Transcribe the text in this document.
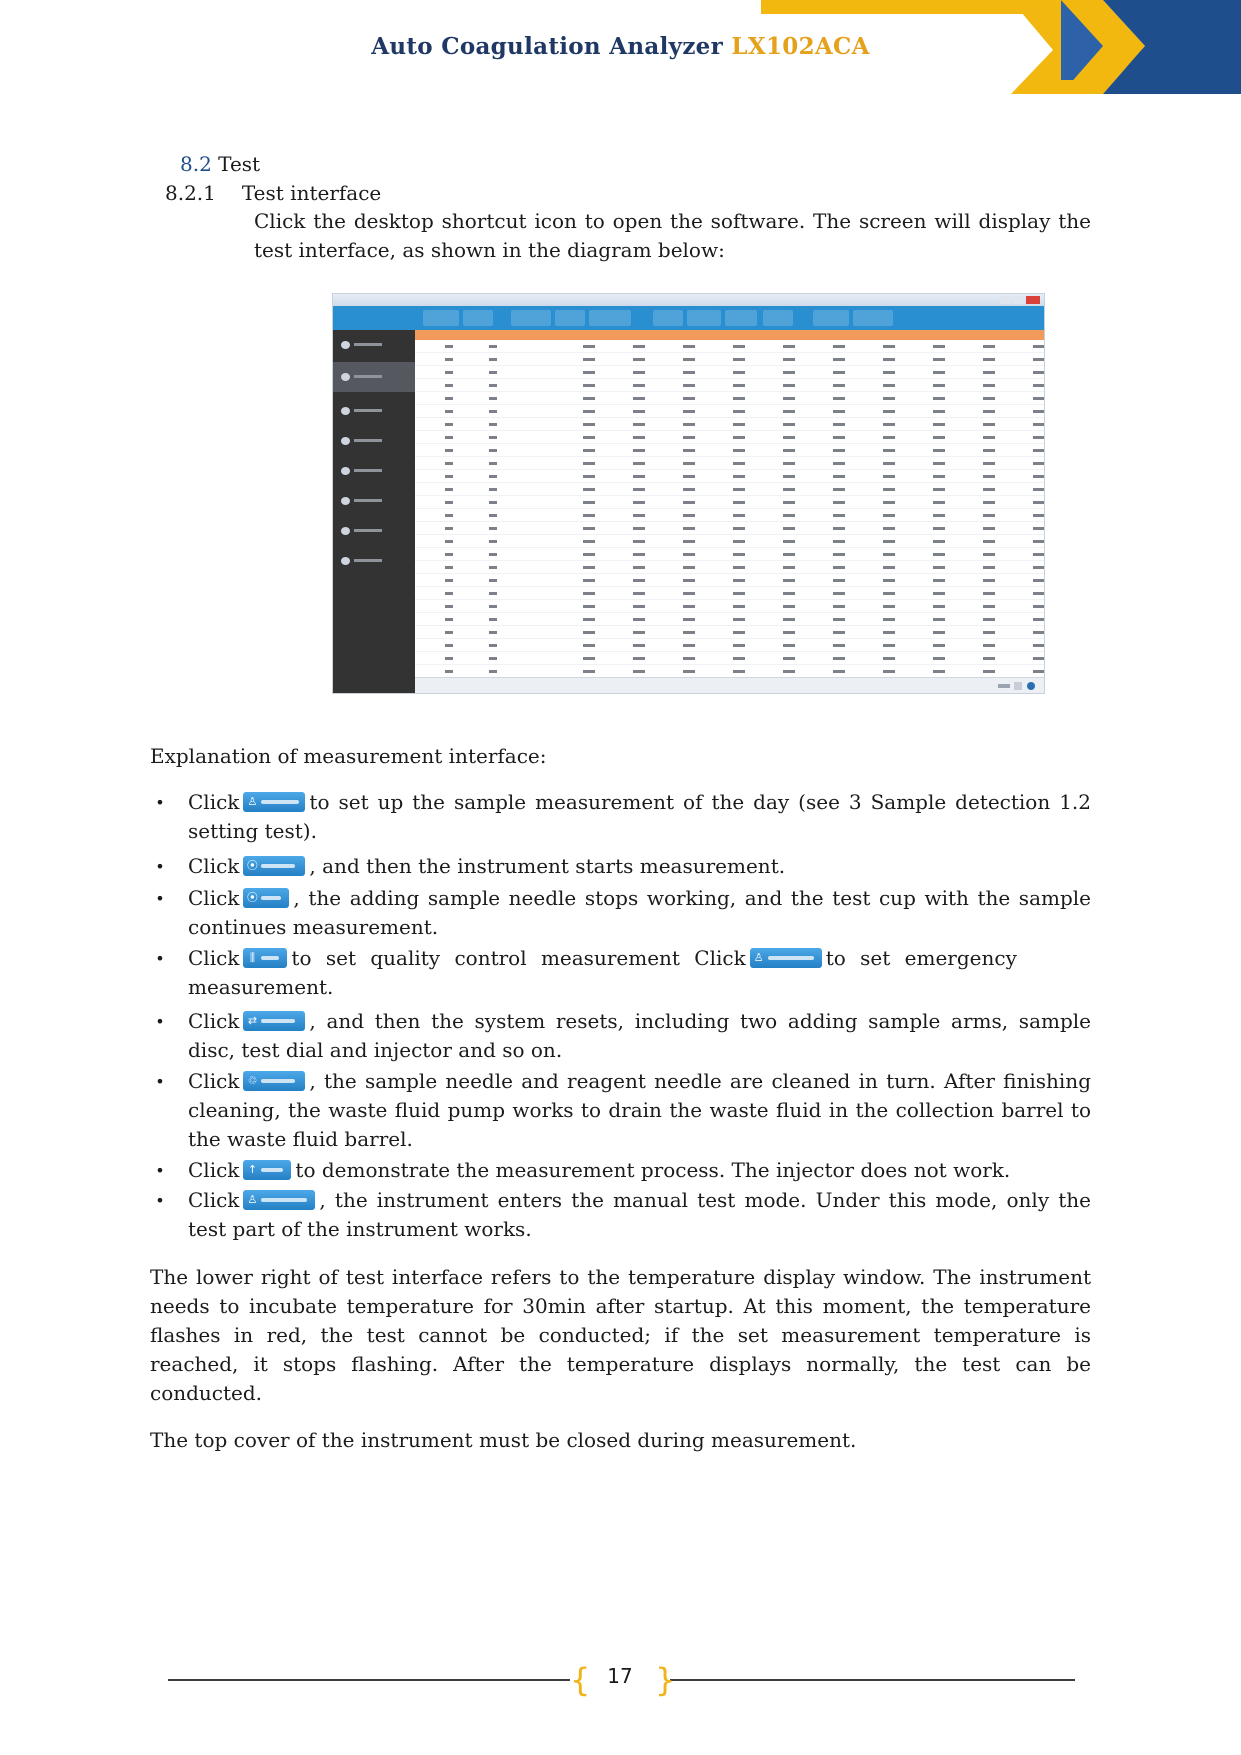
Auto Coagulation Analyzer LX102ACA
8.2 Test
8.2.1 Test interface
Click the desktop shortcut icon to open the software. The screen will display the test interface, as shown in the diagram below:
Explanation of measurement interface:
• Click ♙	to set up the sample measurement of the day (see 3 Sample detection 1.2 setting test).
• Click ⦿	, and then the instrument starts measurement.
• Click ⦿ , the adding sample needle stops working, and the test cup with the sample continues measurement.
• Click ⫼ to set quality control measurement Click ♙	to set emergency measurement.
• Click ⇄	, and then the system resets, including two adding sample arms, sample disc, test dial and injector and so on.
• Click ♲	, the sample needle and reagent needle are cleaned in turn. After finishing cleaning, the waste fluid pump works to drain the waste fluid in the collection barrel to the waste fluid barrel.
• Click ↑ to demonstrate the measurement process. The injector does not work.
• Click ♙	, the instrument enters the manual test mode. Under this mode, only the test part of the instrument works.
The lower right of test interface refers to the temperature display window. The instrument needs to incubate temperature for 30min after startup. At this moment, the temperature flashes in red, the test cannot be conducted; if the set measurement temperature is reached, it stops flashing. After the temperature displays normally, the test can be conducted.
The top cover of the instrument must be closed during measurement.
{ }
17
